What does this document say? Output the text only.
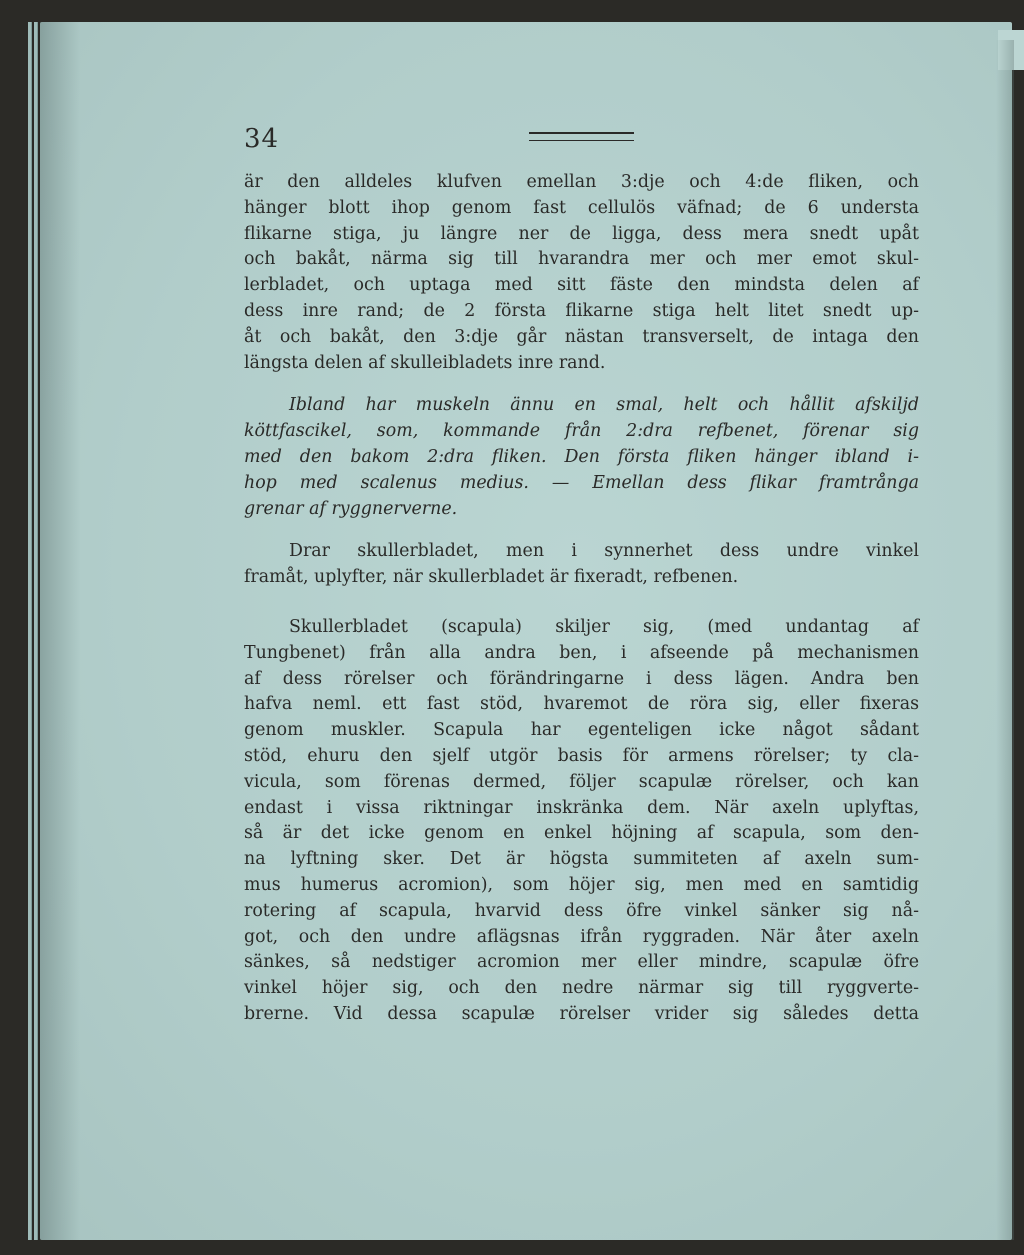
34

är den alldeles klufven emellan 3:dje och 4:de fliken, och
hänger blott ihop genom fast cellulös väfnad; de 6 understa
flikarne stiga, ju längre ner de ligga, dess mera snedt upåt
och bakåt, närma sig till hvarandra mer och mer emot skul-
lerbladet, och uptaga med sitt fäste den mindsta delen af
dess inre rand; de 2 första flikarne stiga helt litet snedt up-
åt och bakåt, den 3:dje går nästan transverselt, de intaga den
längsta delen af skulleibladets inre rand.

Ibland har muskeln ännu en smal, helt och hållit afskiljd
köttfascikel, som, kommande från 2:dra refbenet, förenar sig
med den bakom 2:dra fliken. Den första fliken hänger ibland i-
hop med scalenus medius. — Emellan dess flikar framtrånga
grenar af ryggnerverne.

Drar skullerbladet, men i synnerhet dess undre vinkel
framåt, uplyfter, när skullerbladet är fixeradt, refbenen.

Skullerbladet (scapula) skiljer sig, (med undantag af
Tungbenet) från alla andra ben, i afseende på mechanismen
af dess rörelser och förändringarne i dess lägen. Andra ben
hafva neml. ett fast stöd, hvaremot de röra sig, eller fixeras
genom muskler. Scapula har egenteligen icke något sådant
stöd, ehuru den sjelf utgör basis för armens rörelser; ty cla-
vicula, som förenas dermed, följer scapulæ rörelser, och kan
endast i vissa riktningar inskränka dem. När axeln uplyftas,
så är det icke genom en enkel höjning af scapula, som den-
na lyftning sker. Det är högsta summiteten af axeln sum-
mus humerus acromion), som höjer sig, men med en samtidig
rotering af scapula, hvarvid dess öfre vinkel sänker sig nå-
got, och den undre aflägsnas ifrån ryggraden. När åter axeln
sänkes, så nedstiger acromion mer eller mindre, scapulæ öfre
vinkel höjer sig, och den nedre närmar sig till ryggverte-
brerne. Vid dessa scapulæ rörelser vrider sig således detta
